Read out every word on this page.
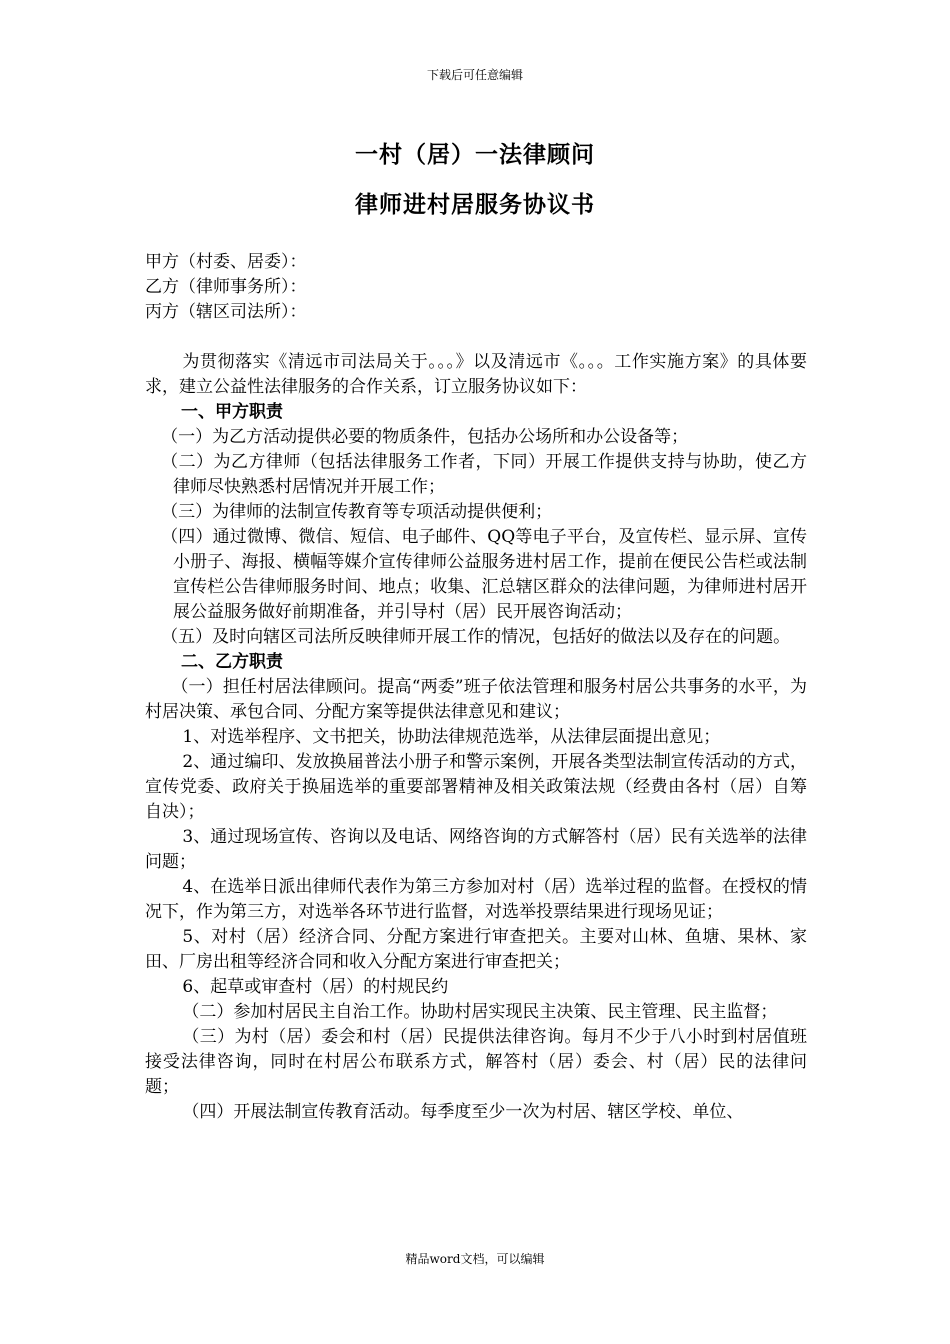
下载后可任意编辑
一村（居）一法律顾问
律师进村居服务协议书

甲方（村委、居委）：

乙方（律师事务所）：

丙方（辖区司法所）：

为贯彻落实《清远市司法局关于。。。》以及清远市《。。。工作实施方案》的具体要求，建立公益性法律服务的合作关系，订立服务协议如下：

一、甲方职责

（一）为乙方活动提供必要的物质条件，包括办公场所和办公设备等；

（二）为乙方律师（包括法律服务工作者，下同）开展工作提供支持与协助，使乙方律师尽快熟悉村居情况并开展工作；

（三）为律师的法制宣传教育等专项活动提供便利；

（四）通过微博、微信、短信、电子邮件、QQ等电子平台，及宣传栏、显示屏、宣传小册子、海报、横幅等媒介宣传律师公益服务进村居工作，提前在便民公告栏或法制宣传栏公告律师服务时间、地点；收集、汇总辖区群众的法律问题，为律师进村居开展公益服务做好前期准备，并引导村（居）民开展咨询活动；

（五）及时向辖区司法所反映律师开展工作的情况，包括好的做法以及存在的问题。

二、乙方职责

（一）担任村居法律顾问。提高“两委”班子依法管理和服务村居公共事务的水平，为村居决策、承包合同、分配方案等提供法律意见和建议；

1、对选举程序、文书把关，协助法律规范选举，从法律层面提出意见；

2、通过编印、发放换届普法小册子和警示案例，开展各类型法制宣传活动的方式，宣传党委、政府关于换届选举的重要部署精神及相关政策法规（经费由各村（居）自筹自决）；

3、通过现场宣传、咨询以及电话、网络咨询的方式解答村（居）民有关选举的法律问题；

4、在选举日派出律师代表作为第三方参加对村（居）选举过程的监督。在授权的情况下，作为第三方，对选举各环节进行监督，对选举投票结果进行现场见证；

5、对村（居）经济合同、分配方案进行审查把关。主要对山林、鱼塘、果林、家田、厂房出租等经济合同和收入分配方案进行审查把关；

6、起草或审查村（居）的村规民约

（二）参加村居民主自治工作。协助村居实现民主决策、民主管理、民主监督；

（三）为村（居）委会和村（居）民提供法律咨询。每月不少于八小时到村居值班接受法律咨询，同时在村居公布联系方式，解答村（居）委会、村（居）民的法律问题；

（四）开展法制宣传教育活动。每季度至少一次为村居、辖区学校、单位、

精品word文档，可以编辑
